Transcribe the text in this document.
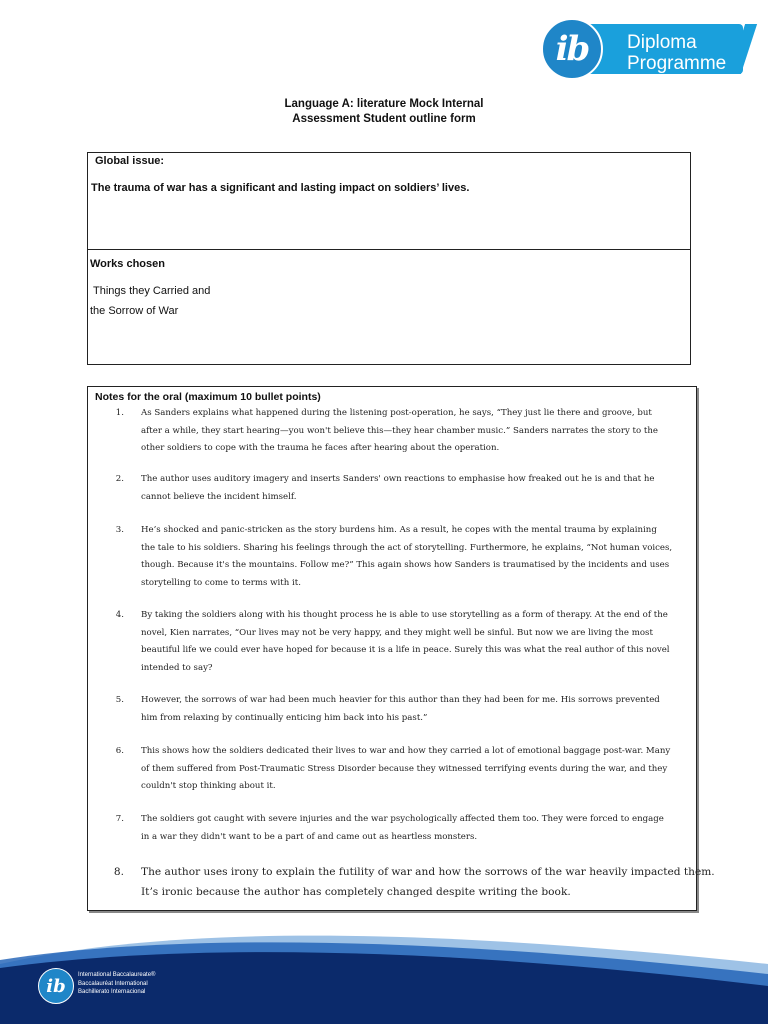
Diploma
Programme
ib
Language A: literature Mock Internal
Assessment Student outline form
Global issue:
The trauma of war has a significant and lasting impact on soldiers’ lives.
Works chosen
Things they Carried and
the Sorrow of War
Notes for the oral (maximum 10 bullet points)
1. As Sanders explains what happened during the listening post-operation, he says, “They just lie there and groove, but
after a while, they start hearing—you won't believe this—they hear chamber music.” Sanders narrates the story to the
other soldiers to cope with the trauma he faces after hearing about the operation.
2. The author uses auditory imagery and inserts Sanders' own reactions to emphasise how freaked out he is and that he
cannot believe the incident himself.
3. He’s shocked and panic-stricken as the story burdens him. As a result, he copes with the mental trauma by explaining
the tale to his soldiers. Sharing his feelings through the act of storytelling. Furthermore, he explains, “Not human voices,
though. Because it's the mountains. Follow me?” This again shows how Sanders is traumatised by the incidents and uses
storytelling to come to terms with it.
4. By taking the soldiers along with his thought process he is able to use storytelling as a form of therapy. At the end of the
novel, Kien narrates, “Our lives may not be very happy, and they might well be sinful. But now we are living the most
beautiful life we could ever have hoped for because it is a life in peace. Surely this was what the real author of this novel
intended to say?
5. However, the sorrows of war had been much heavier for this author than they had been for me. His sorrows prevented
him from relaxing by continually enticing him back into his past.”
6. This shows how the soldiers dedicated their lives to war and how they carried a lot of emotional baggage post-war. Many
of them suffered from Post-Traumatic Stress Disorder because they witnessed terrifying events during the war, and they
couldn't stop thinking about it.
7. The soldiers got caught with severe injuries and the war psychologically affected them too. They were forced to engage
in a war they didn't want to be a part of and came out as heartless monsters.
8. The author uses irony to explain the futility of war and how the sorrows of the war heavily impacted them.
It’s ironic because the author has completely changed despite writing the book.
ib
International Baccalaureate®
Baccalauréat International
Bachillerato Internacional
